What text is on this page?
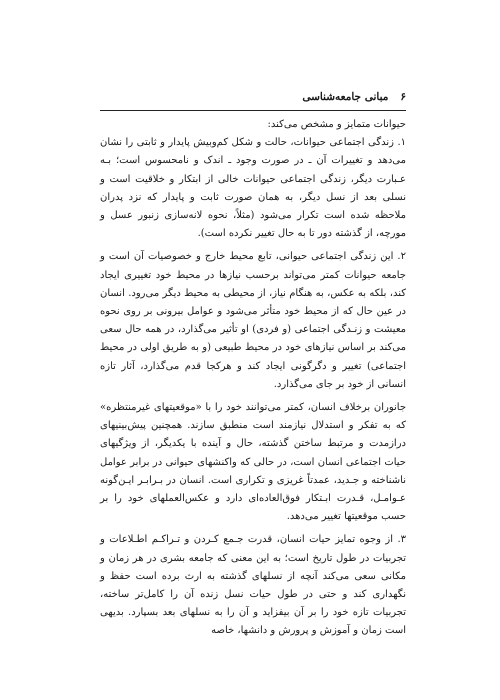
۶
مبانی جامعه‌شناسی

حیوانات متمایز و مشخص می‌کند:
۱. زندگی اجتماعی حیوانات، حالت و شکل کم‌وبیش پایدار و ثابتی را نشان می‌دهد و تغییرات آن ـ در صورت وجود ـ اندک و نامحسوس است؛ بـه عـبارت دیگر، زندگی اجتماعی حیوانات خالی از ابتکار و خلاقیت است و نسلی بعد از نسل دیگر، به همان صورت ثابت و پایدار که نزد پدران ملاحظه شده است تکرار می‌شود (مثلاً، نحوه لانه‌سازی زنبور عسل و مورچه، از گذشته دور تا به حال تغییر نکرده است).

۲. این زندگی اجتماعی حیوانی، تابع محیط خارج و خصوصیات آن است و جامعه حیوانات کمتر می‌تواند برحسب نیازها در محیط خود تغییری ایجاد کند، بلکه به عکس، به هنگام نیاز، از محیطی به محیط دیگر می‌رود. انسان در عین حال که از محیط خود متأثر می‌شود و عوامل بیرونی بر روی نحوه معیشت و زنـدگی اجتماعی (و فردی) او تأثیر می‌گذارد، در همه حال سعی می‌کند بر اساس نیازهای خود در محیط طبیعی (و به طریق اولی در محیط اجتماعی) تغییر و دگرگونی ایجاد کند و هرکجا قدم می‌گذارد، آثار تازه انسانی از خود بر جای می‌گذارد.

جانوران برخلاف انسان، کمتر می‌توانند خود را با «موقعیتهای غیرمنتظره» که به تفکر و استدلال نیازمند است منطبق سازند. همچنین پیش‌بینیهای درازمدت و مرتبط ساختن گذشته، حال و آینده با یکدیگر، از ویژگیهای حیات اجتماعی انسان است، در حالی که واکنشهای حیوانی در برابر عوامل ناشناخته و جـدید، عمدتاً غریزی و تکراری است. انسان در بـرابـر ایـن‌گونه عـوامـل، قـدرت ابـتکار فوق‌العاده‌ای دارد و عکس‌العملهای خود را بر حسب موقعیتها تغییر می‌دهد.

۳. از وجوه تمایز حیات انسان، قدرت جـمع کـردن و تـراکـم اطـلاعات و تجربیات در طول تاریخ است؛ به این معنی که جامعه بشری در هر زمان و مکانی سعی می‌کند آنچه از نسلهای گذشته به ارث برده است حفظ و نگهداری کند و حتی در طول حیات نسل زنده آن را کامل‌تر ساخته، تجربیات تازه خود را بر آن بیفزاید و آن را به نسلهای بعد بسپارد. بدیهی است زمان و آموزش و پرورش و دانشها، خاصه
